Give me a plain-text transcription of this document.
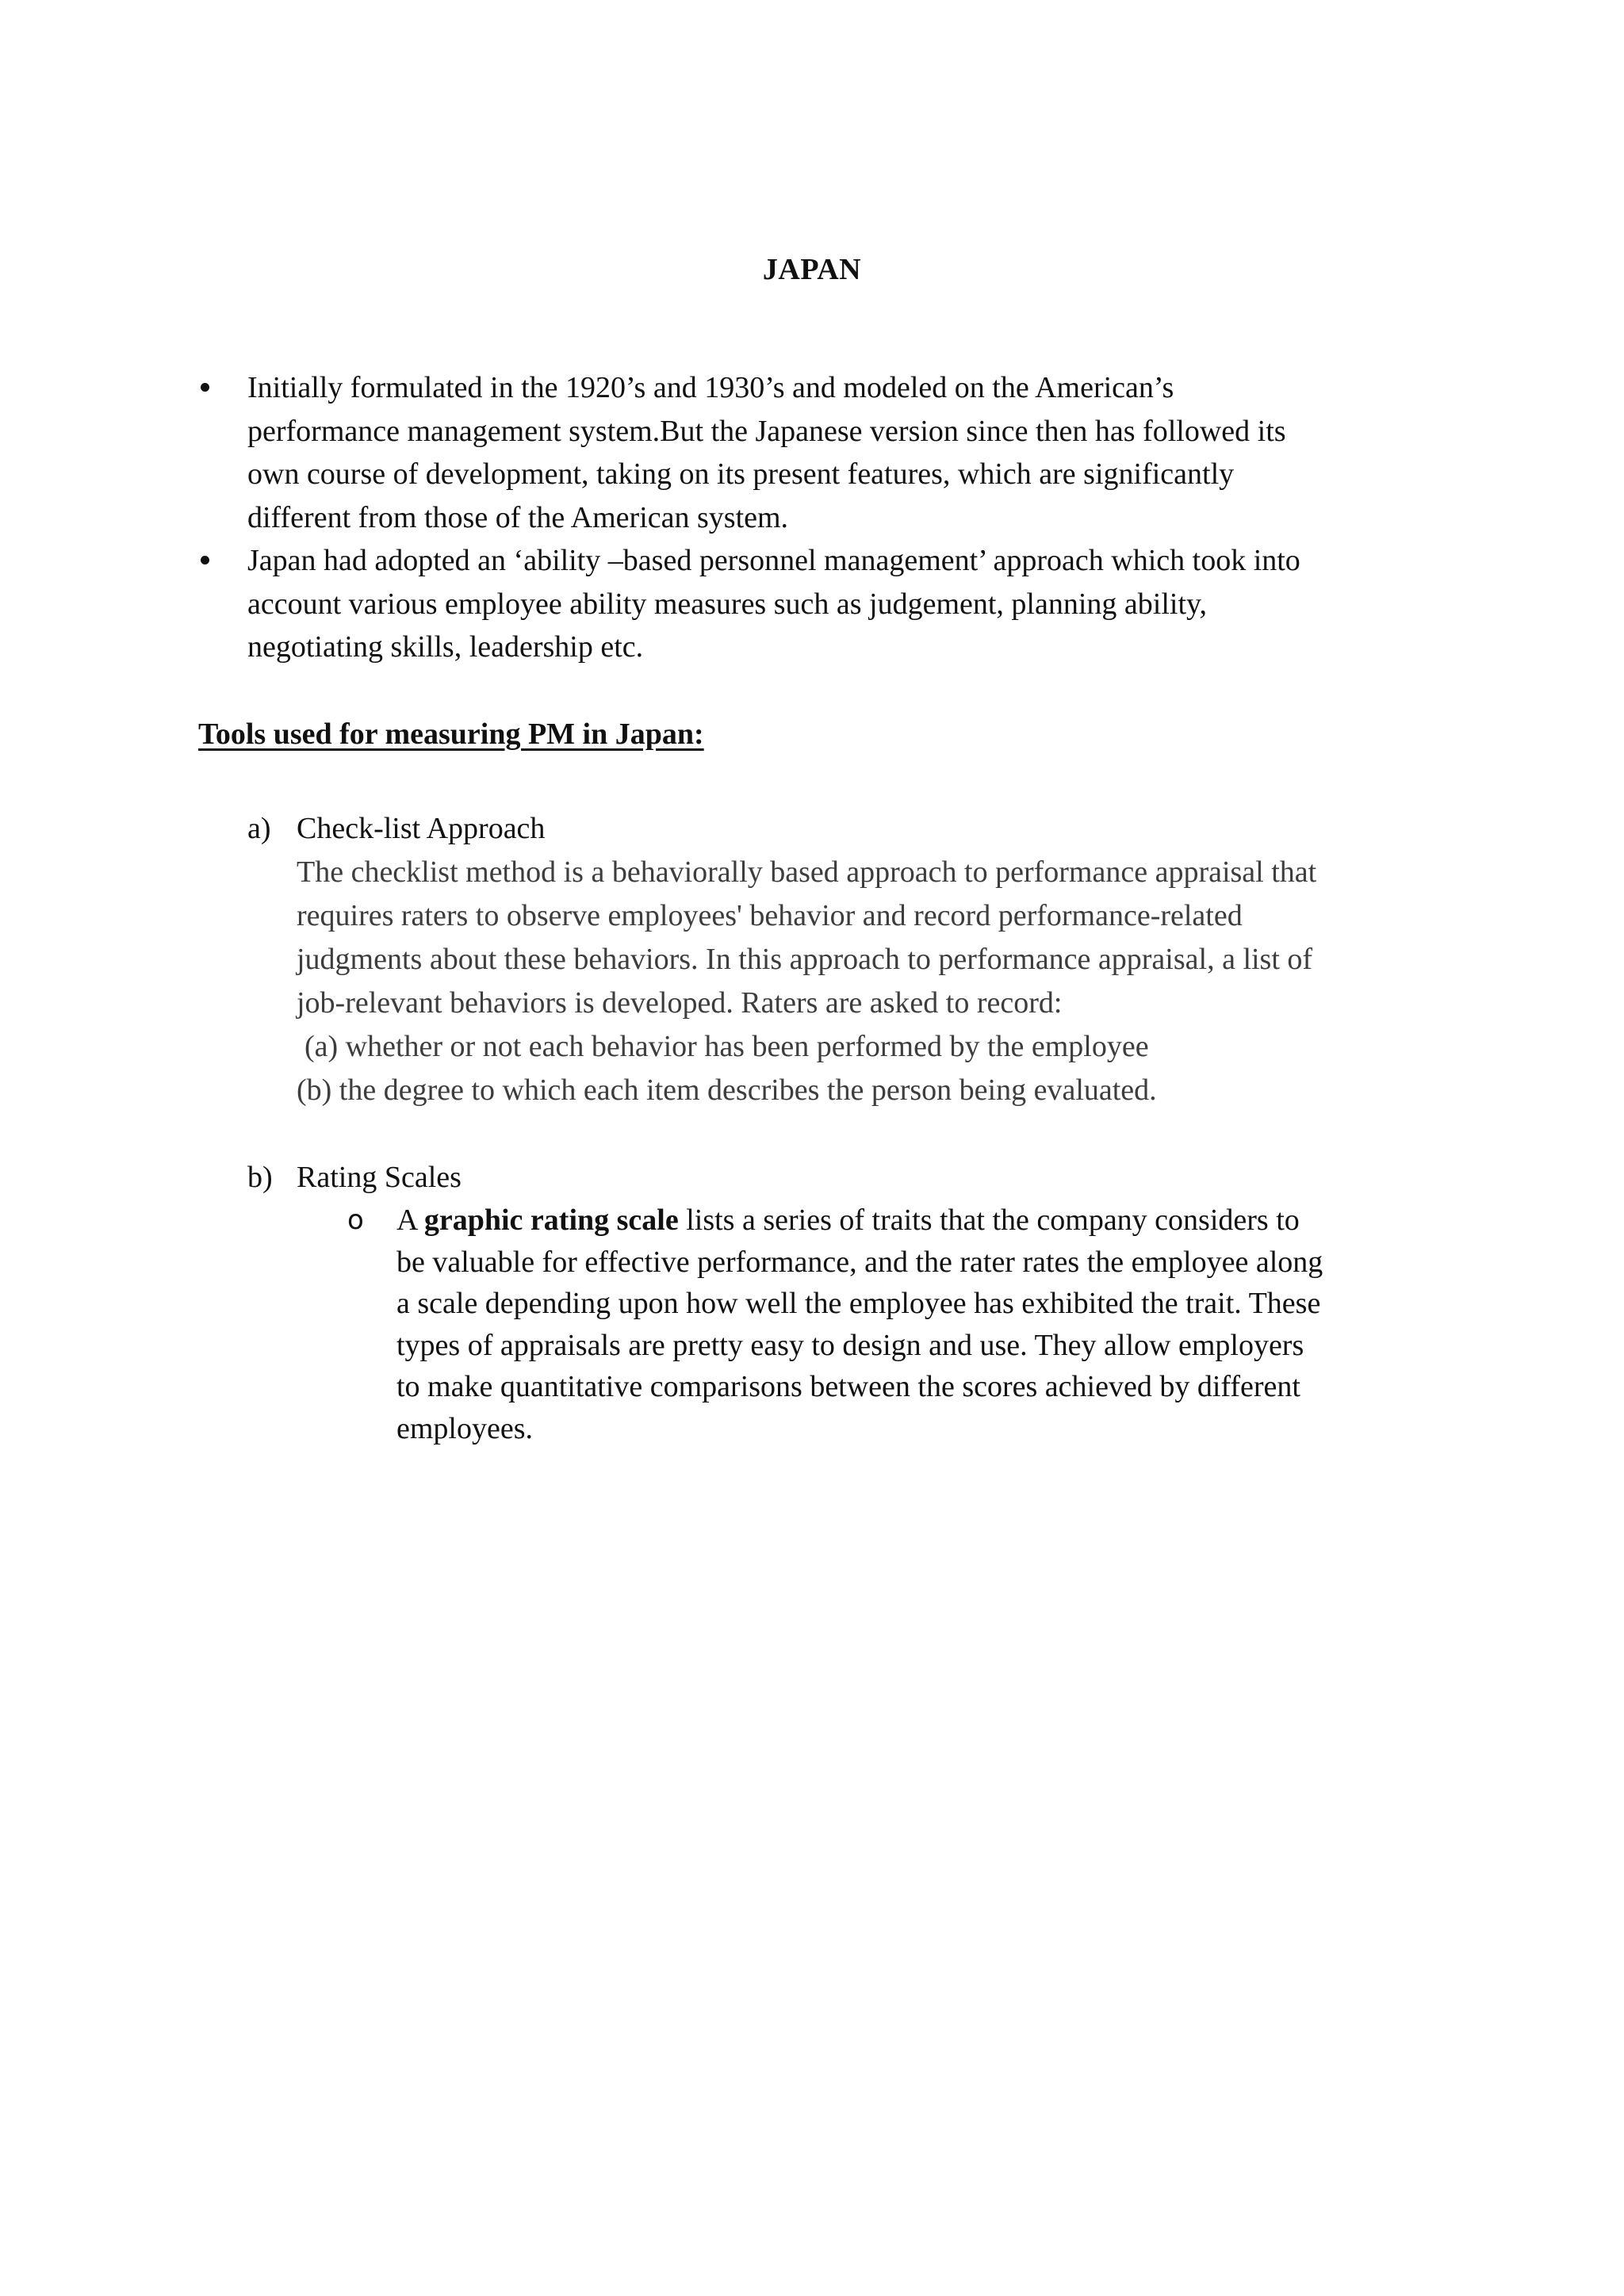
JAPAN
Initially formulated in the 1920’s and 1930’s and modeled on the American’s
performance management system.But the Japanese version since then has followed its
own course of development, taking on its present features, which are significantly
different from those of the American system.
Japan had adopted an ‘ability –based personnel management’ approach which took into
account various employee ability measures such as judgement, planning ability,
negotiating skills, leadership etc.
Tools used for measuring PM in Japan:
a) Check-list Approach

The checklist method is a behaviorally based approach to performance appraisal that
requires raters to observe employees' behavior and record performance-related
judgments about these behaviors. In this approach to performance appraisal, a list of
job-relevant behaviors is developed. Raters are asked to record:
(a) whether or not each behavior has been performed by the employee
(b) the degree to which each item describes the person being evaluated.

b) Rating Scales

o A graphic rating scale lists a series of traits that the company considers to
be valuable for effective performance, and the rater rates the employee along
a scale depending upon how well the employee has exhibited the trait. These
types of appraisals are pretty easy to design and use. They allow employers
to make quantitative comparisons between the scores achieved by different
employees.
